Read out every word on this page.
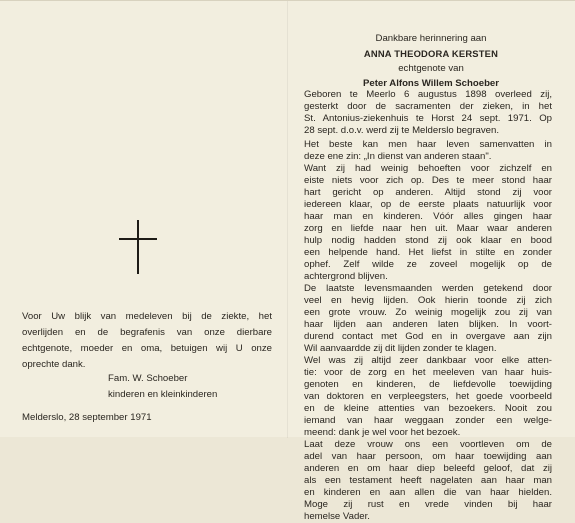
Voor Uw blijk van medeleven bij de ziekte, het
overlijden en de begrafenis van onze dierbare
echtgenote, moeder en oma, betuigen wij U onze
oprechte dank.
Fam. W. Schoeber
kinderen en kleinkinderen
Melderslo, 28 september 1971
Dankbare herinnering aan
ANNA THEODORA KERSTEN
echtgenote van
Peter Alfons Willem Schoeber
Geboren te Meerlo 6 augustus 1898 overleed zij,
gesterkt door de sacramenten der zieken, in het
St. Antonius-ziekenhuis te Horst 24 sept. 1971. Op
28 sept. d.o.v. werd zij te Melderslo begraven.
Het beste kan men haar leven samenvatten in
deze ene zin: „In dienst van anderen staan".
Want zij had weinig behoeften voor zichzelf en
eiste niets voor zich op. Des te meer stond haar
hart gericht op anderen. Altijd stond zij voor
iedereen klaar, op de eerste plaats natuurlijk voor
haar man en kinderen. Vóór alles gingen haar
zorg en liefde naar hen uit. Maar waar anderen
hulp nodig hadden stond zij ook klaar en bood
een helpende hand. Het liefst in stilte en zonder
ophef. Zelf wilde ze zoveel mogelijk op de
achtergrond blijven.
De laatste levensmaanden werden getekend door
veel en hevig lijden. Ook hierin toonde zij zich
een grote vrouw. Zo weinig mogelijk zou zij van
haar lijden aan anderen laten blijken. In voort-
durend contact met God en in overgave aan zijn
Wil aanvaardde zij dit lijden zonder te klagen.
Wel was zij altijd zeer dankbaar voor elke atten-
tie: voor de zorg en het meeleven van haar huis-
genoten en kinderen, de liefdevolle toewijding
van doktoren en verpleegsters, het goede voorbeeld
en de kleine attenties van bezoekers. Nooit zou
iemand van haar weggaan zonder een welge-
meend: dank je wel voor het bezoek.
Laat deze vrouw ons een voortleven om de
adel van haar persoon, om haar toewijding aan
anderen en om haar diep beleefd geloof, dat zij
als een testament heeft nagelaten aan haar man
en kinderen en aan allen die van haar hielden.
Moge zij rust en vrede vinden bij haar
hemelse Vader.
